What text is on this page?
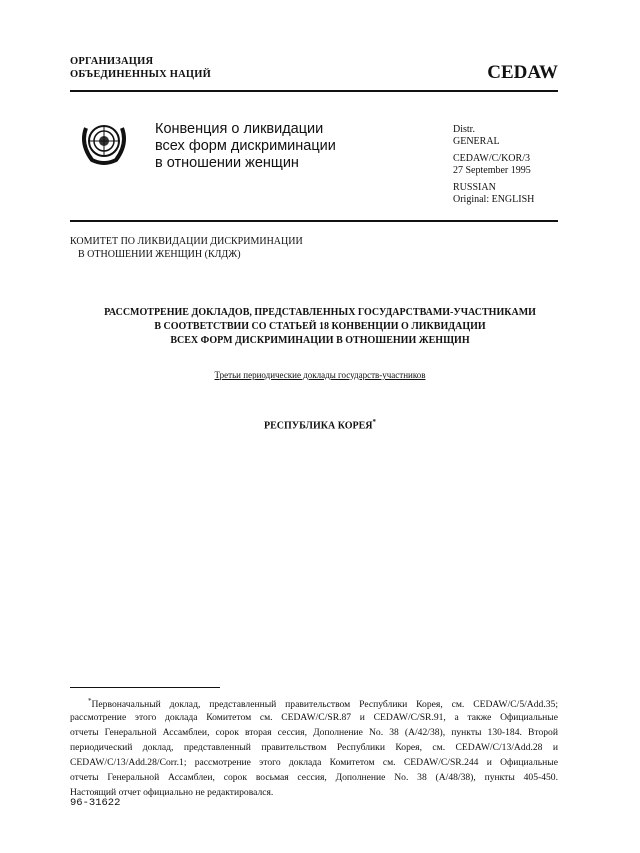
ОРГАНИЗАЦИЯ
ОБЪЕДИНЕННЫХ НАЦИЙ	CEDAW
Конвенция о ликвидации
всех форм дискриминации
в отношении женщин
Distr.
GENERAL
CEDAW/C/KOR/3
27 September 1995
RUSSIAN
Original: ENGLISH
КОМИТЕТ ПО ЛИКВИДАЦИИ ДИСКРИМИНАЦИИ
В ОТНОШЕНИИ ЖЕНЩИН (КЛДЖ)
РАССМОТРЕНИЕ ДОКЛАДОВ, ПРЕДСТАВЛЕННЫХ ГОСУДАРСТВАМИ-УЧАСТНИКАМИ
В СООТВЕТСТВИИ СО СТАТЬЕЙ 18 КОНВЕНЦИИ О ЛИКВИДАЦИИ
ВСЕХ ФОРМ ДИСКРИМИНАЦИИ В ОТНОШЕНИИ ЖЕНЩИН
Третьи периодические доклады государств-участников
РЕСПУБЛИКА КОРЕЯ*
*Первоначальный доклад, представленный правительством Республики Корея, см. CEDAW/C/5/Add.35;
рассмотрение этого доклада Комитетом см. CEDAW/C/SR.87 и CEDAW/C/SR.91, а также Официальные
отчеты Генеральной Ассамблеи, сорок вторая сессия, Дополнение No. 38 (A/42/38), пункты 130-184. Второй
периодический доклад, представленный правительством Республики Корея, см. CEDAW/C/13/Add.28 и
CEDAW/C/13/Add.28/Corr.1; рассмотрение этого доклада Комитетом см. CEDAW/C/SR.244 и Официальные
отчеты Генеральной Ассамблеи, сорок восьмая сессия, Дополнение No. 38 (A/48/38), пункты 405-450.
Настоящий отчет официально не редактировался.
96-31622
